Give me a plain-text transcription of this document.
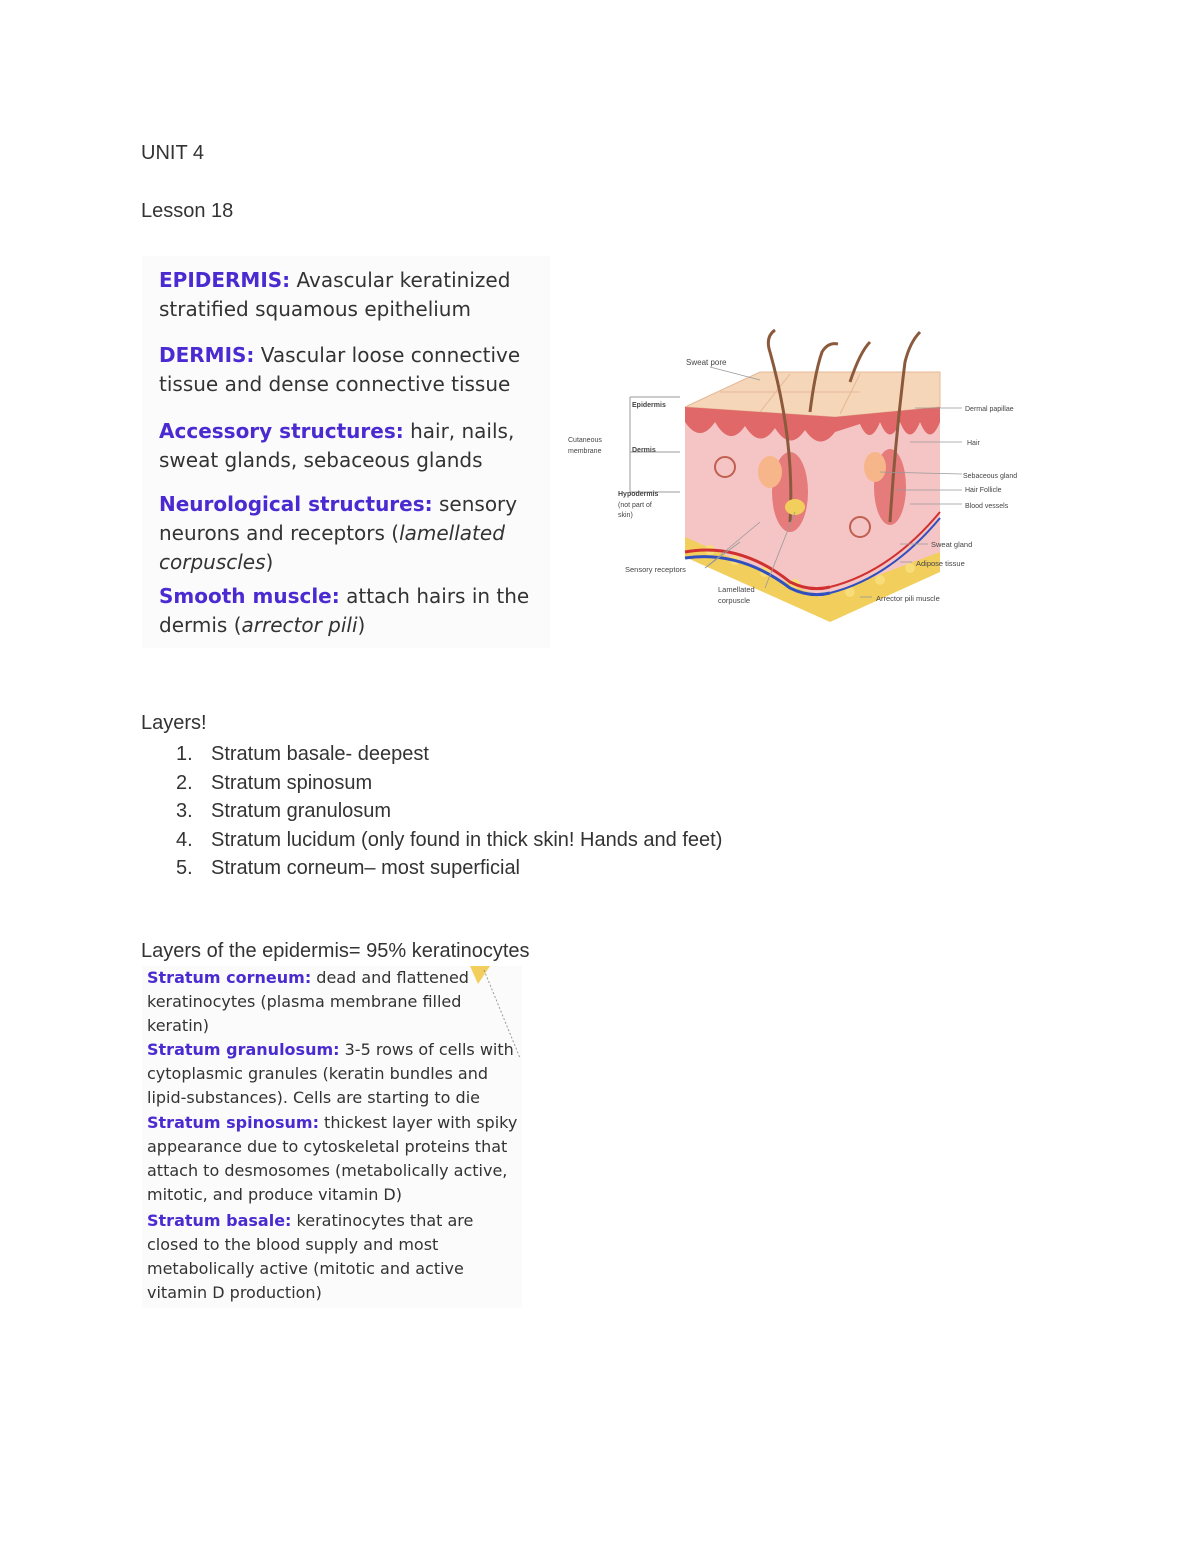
UNIT 4
Lesson 18
EPIDERMIS: Avascular keratinized stratified squamous epithelium
DERMIS: Vascular loose connective tissue and dense connective tissue
Accessory structures: hair, nails, sweat glands, sebaceous glands
Neurological structures: sensory neurons and receptors (lamellated corpuscles)
Smooth muscle: attach hairs in the dermis (arrector pili)
Sweat pore
Epidermis
Cutaneous
membrane	Dermis
Hypodermis
(not part of
skin)
Sensory receptors
Lamellated
corpuscle	Arrector pili muscle
Dermal papillae
Hair
Sebaceous gland
Hair Follicle
Blood vessels
Sweat gland
Adipose tissue
Layers!
1. Stratum basale- deepest
2. Stratum spinosum
3. Stratum granulosum
4. Stratum lucidum (only found in thick skin! Hands and feet)
5. Stratum corneum– most superficial
Layers of the epidermis= 95% keratinocytes
Stratum corneum: dead and flattened keratinocytes (plasma membrane filled keratin)
Stratum granulosum: 3-5 rows of cells with cytoplasmic granules (keratin bundles and lipid-substances). Cells are starting to die
Stratum spinosum: thickest layer with spiky appearance due to cytoskeletal proteins that attach to desmosomes (metabolically active, mitotic, and produce vitamin D)
Stratum basale: keratinocytes that are closed to the blood supply and most metabolically active (mitotic and active vitamin D production)
